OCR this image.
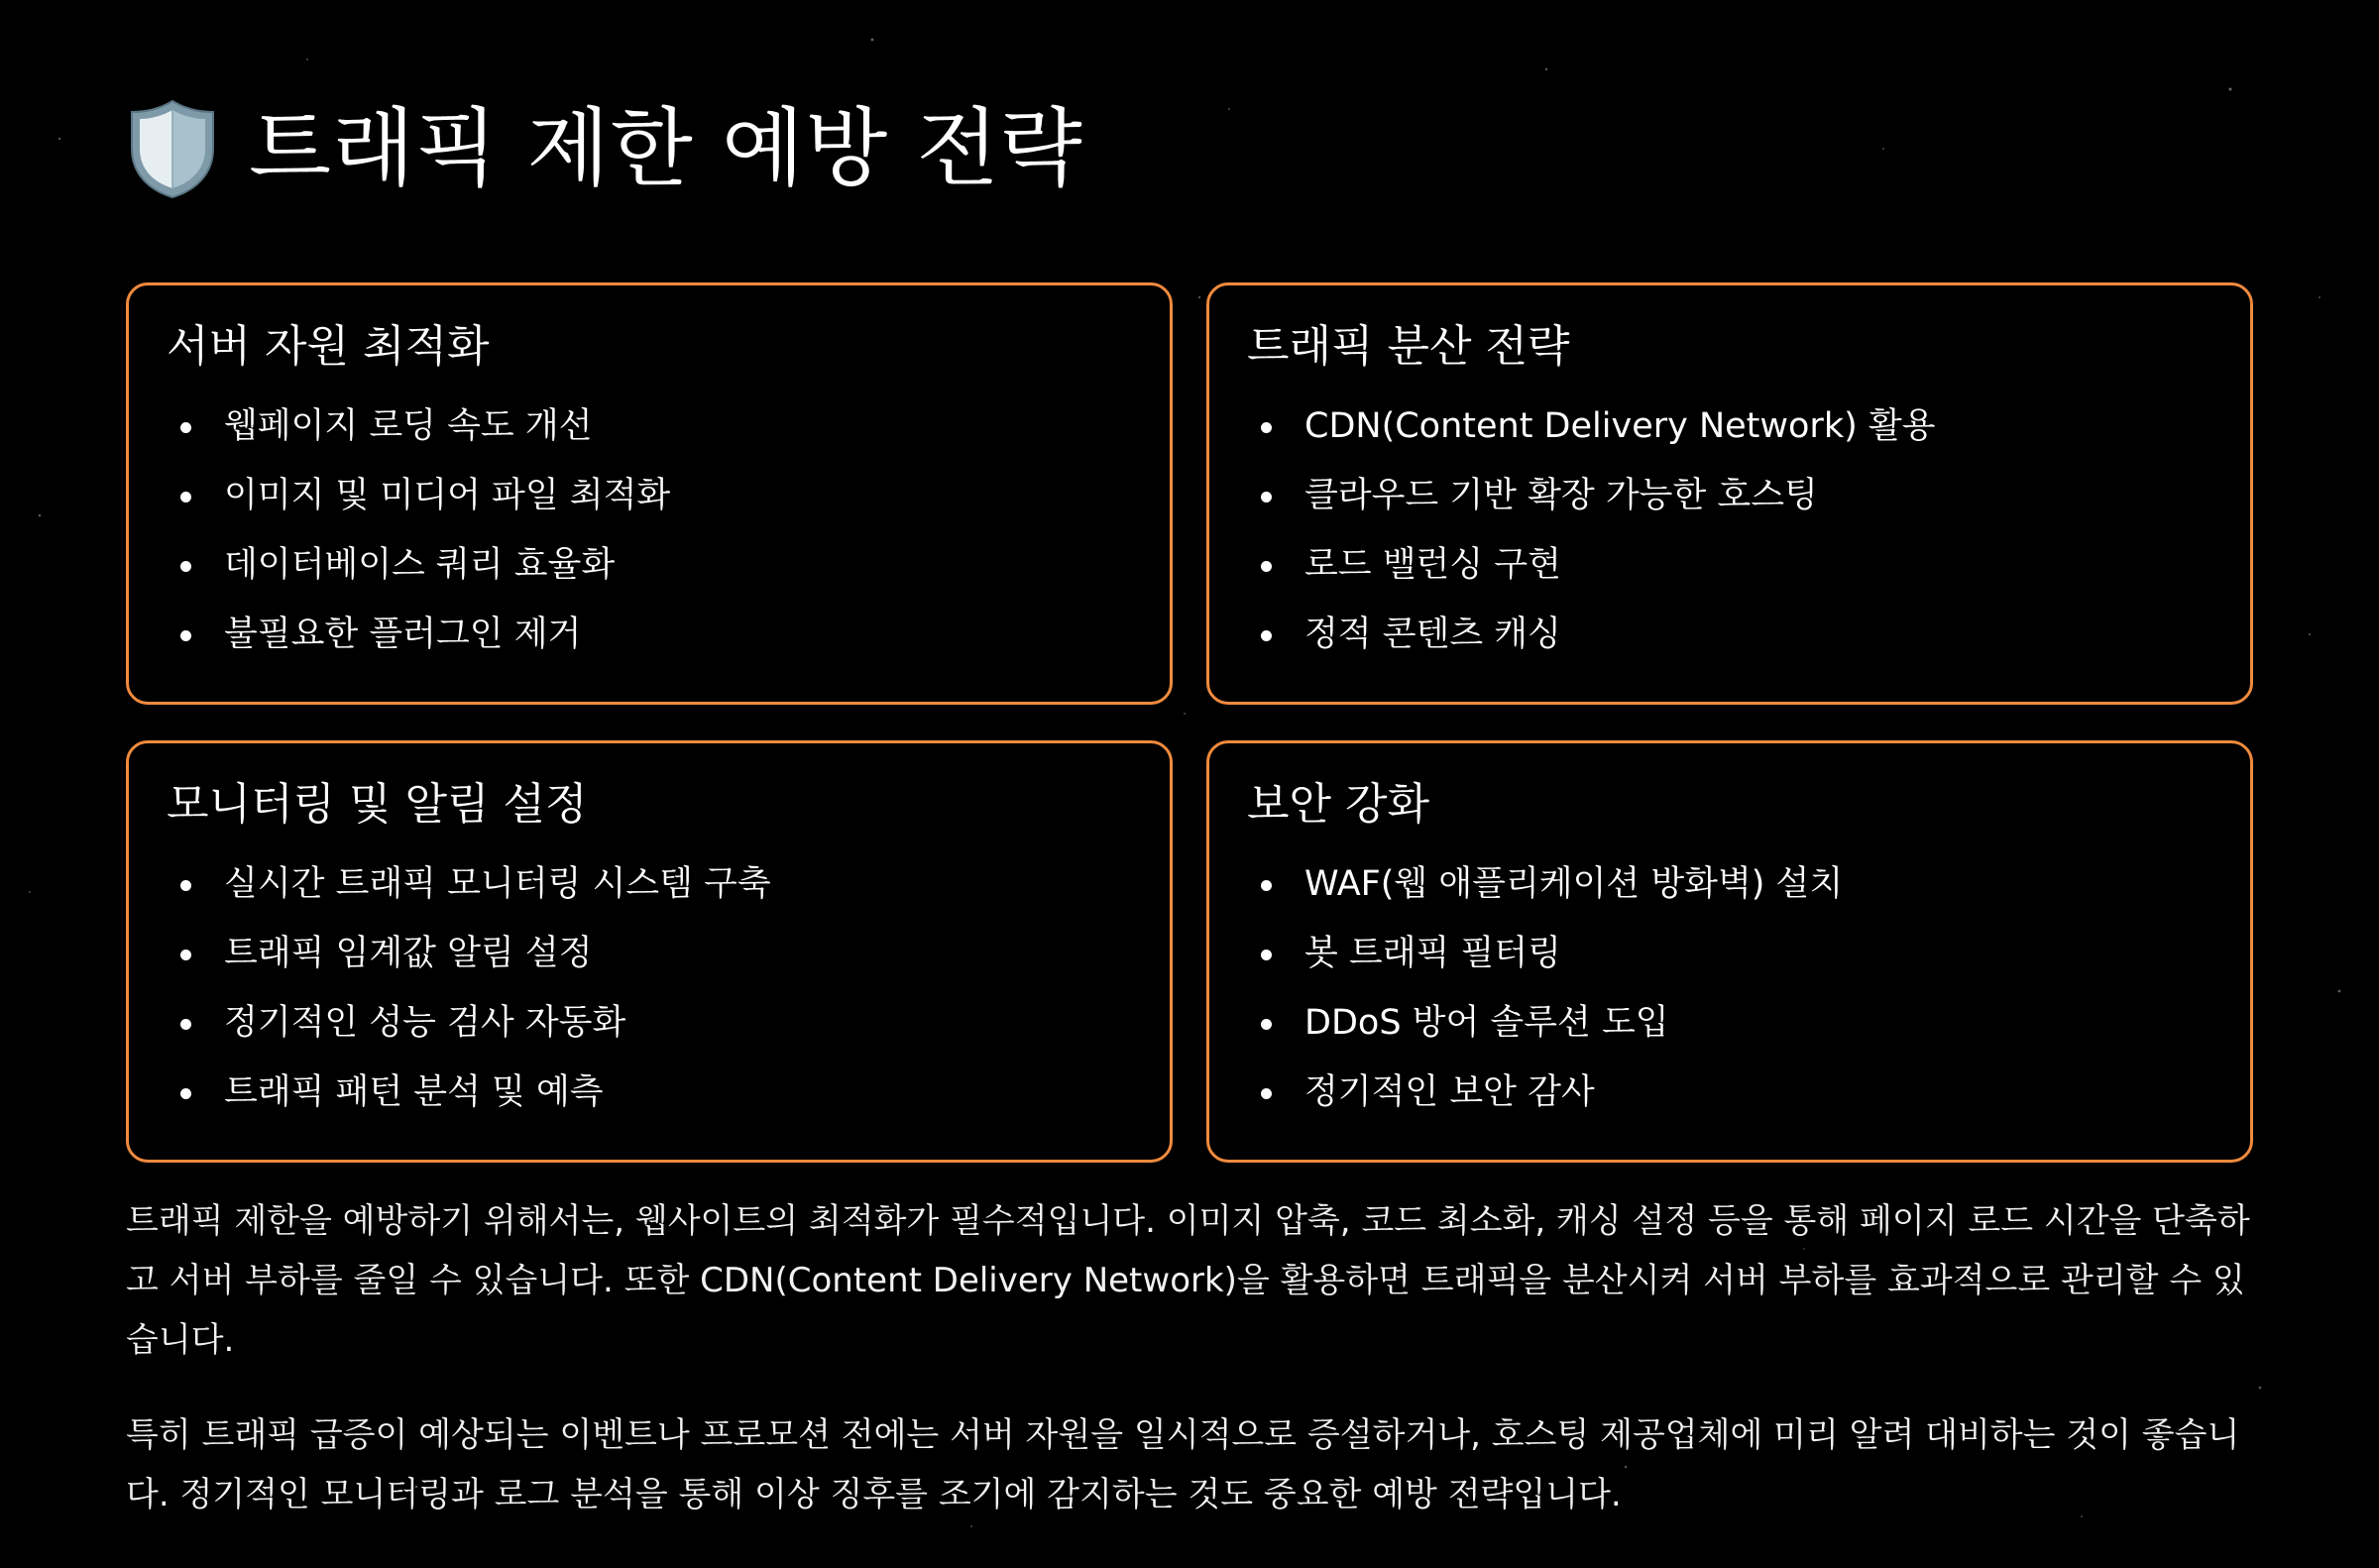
트래픽 제한 예방 전략
서버 자원 최적화
웹페이지 로딩 속도 개선
이미지 및 미디어 파일 최적화
데이터베이스 쿼리 효율화
불필요한 플러그인 제거
트래픽 분산 전략
CDN(Content Delivery Network) 활용
클라우드 기반 확장 가능한 호스팅
로드 밸런싱 구현
정적 콘텐츠 캐싱
모니터링 및 알림 설정
실시간 트래픽 모니터링 시스템 구축
트래픽 임계값 알림 설정
정기적인 성능 검사 자동화
트래픽 패턴 분석 및 예측
보안 강화
WAF(웹 애플리케이션 방화벽) 설치
봇 트래픽 필터링
DDoS 방어 솔루션 도입
정기적인 보안 감사

트래픽 제한을 예방하기 위해서는, 웹사이트의 최적화가 필수적입니다. 이미지 압축, 코드 최소화, 캐싱 설정 등을 통해 페이지 로드 시간을 단축하고 서버 부하를 줄일 수 있습니다. 또한 CDN(Content Delivery Network)을 활용하면 트래픽을 분산시켜 서버 부하를 효과적으로 관리할 수 있습니다.

특히 트래픽 급증이 예상되는 이벤트나 프로모션 전에는 서버 자원을 일시적으로 증설하거나, 호스팅 제공업체에 미리 알려 대비하는 것이 좋습니다. 정기적인 모니터링과 로그 분석을 통해 이상 징후를 조기에 감지하는 것도 중요한 예방 전략입니다.
